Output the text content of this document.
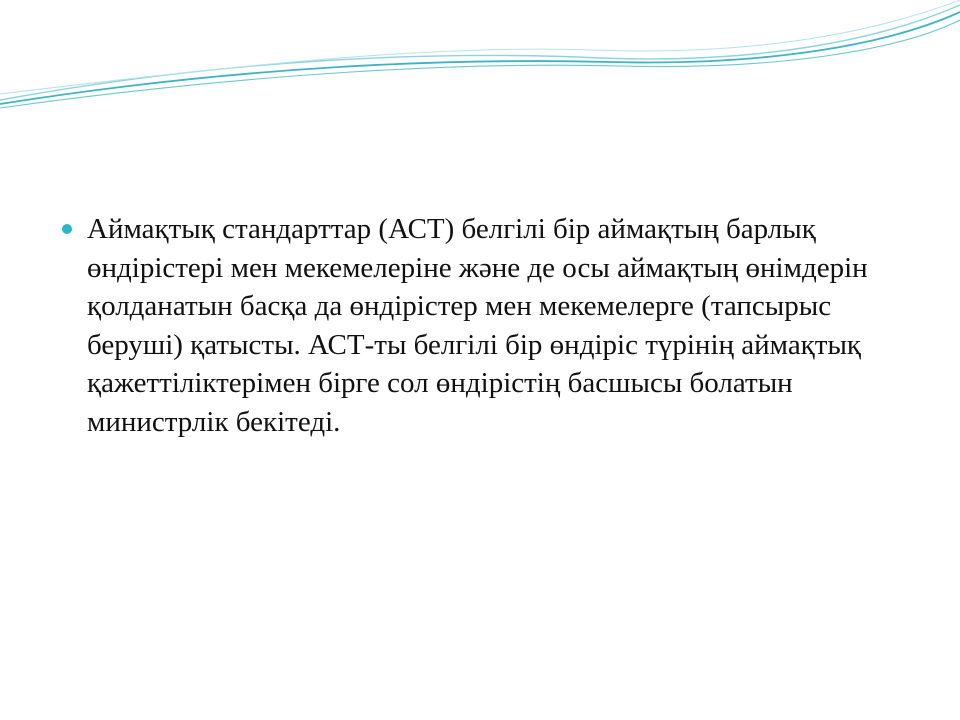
Аймақтық стандарттар (АСТ) белгілі бір аймақтың барлық өндірістері мен мекемелеріне және де осы аймақтың өнімдерін қолданатын басқа да өндірістер мен мекемелерге (тапсырыс беруші) қатысты. АСТ-ты белгілі бір өндіріс түрінің аймақтық қажеттіліктерімен бірге сол өндірістің басшысы болатын министрлік бекітеді.
